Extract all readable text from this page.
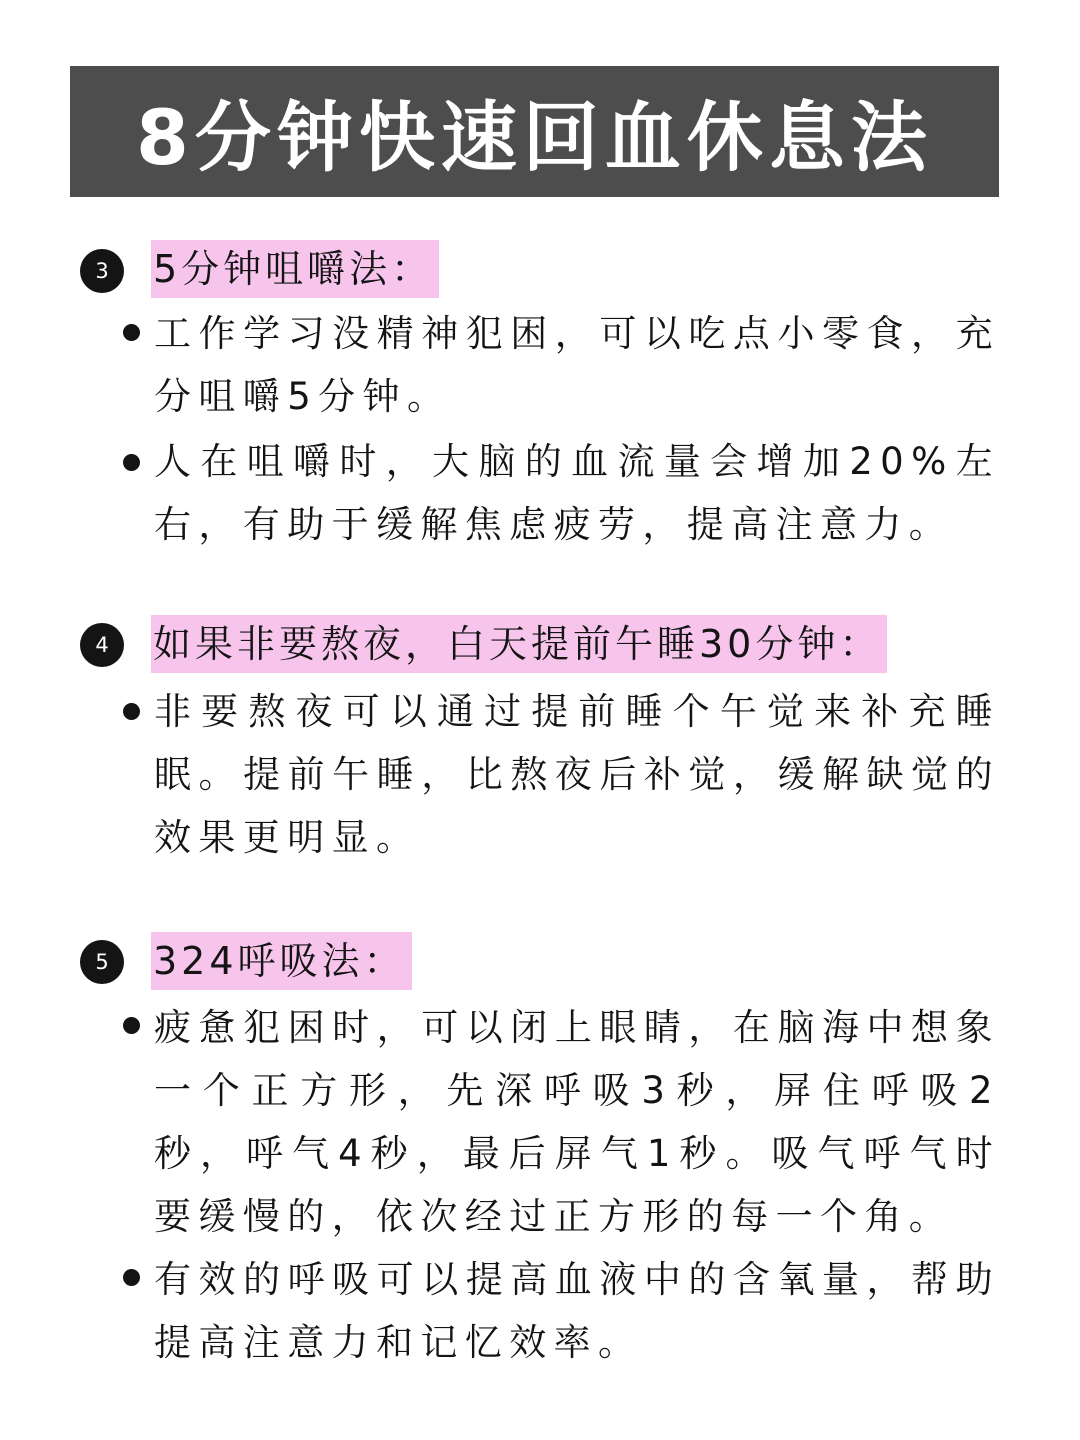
8分钟快速回血休息法
3	5分钟咀嚼法：

工作学习没精神犯困，可以吃点小零食，充分咀嚼5分钟。

人在咀嚼时，大脑的血流量会增加20%左右，有助于缓解焦虑疲劳，提高注意力。

4	如果非要熬夜，白天提前午睡30分钟：

非要熬夜可以通过提前睡个午觉来补充睡眠。提前午睡，比熬夜后补觉，缓解缺觉的效果更明显。

5	324呼吸法：

疲惫犯困时，可以闭上眼睛，在脑海中想象一个正方形，先深呼吸3秒，屏住呼吸2秒，呼气4秒，最后屏气1秒。吸气呼气时要缓慢的，依次经过正方形的每一个角。

有效的呼吸可以提高血液中的含氧量，帮助提高注意力和记忆效率。
